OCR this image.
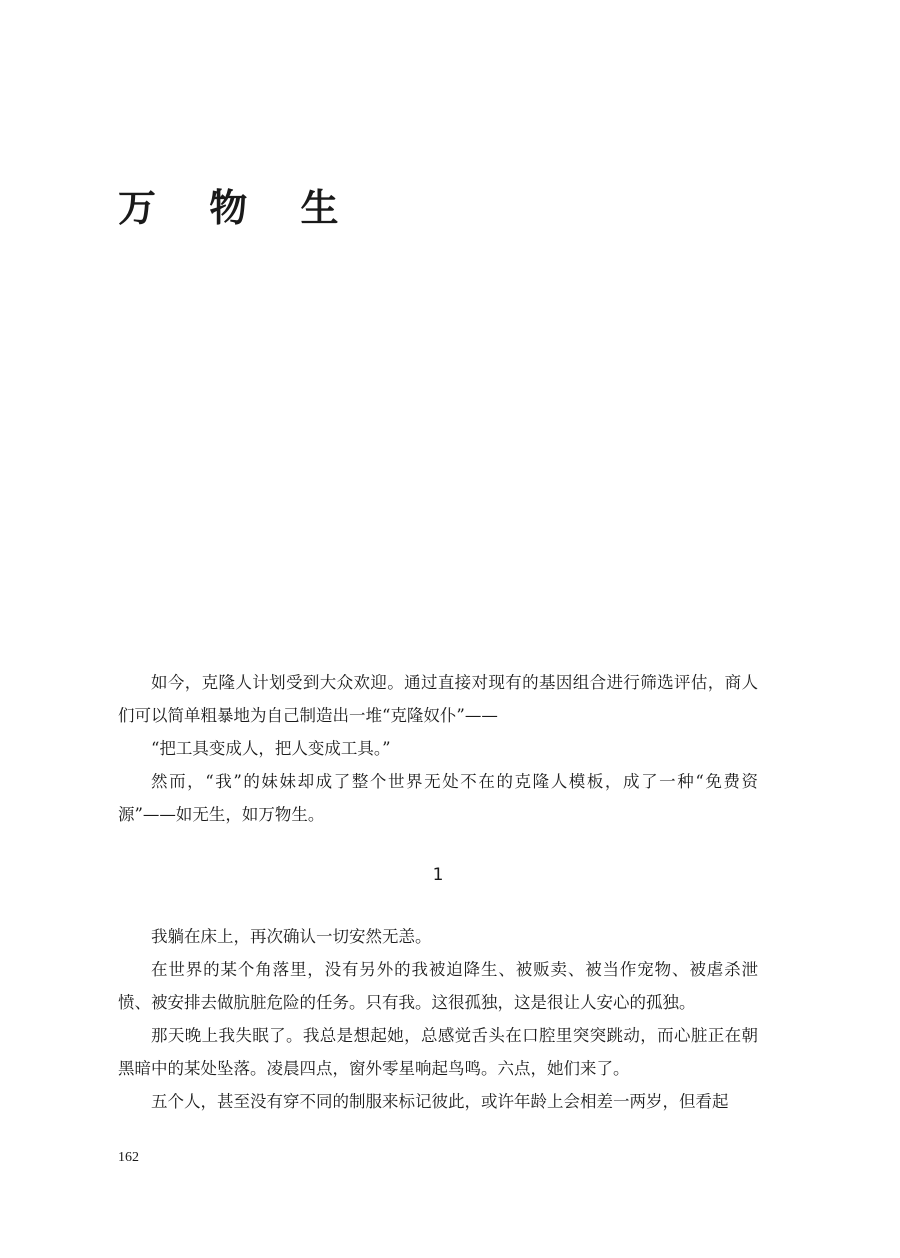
万 物 生

如今，克隆人计划受到大众欢迎。通过直接对现有的基因组合进行筛选评估，商人们可以简单粗暴地为自己制造出一堆“克隆奴仆”——

“把工具变成人，把人变成工具。”

然而，“我”的妹妹却成了整个世界无处不在的克隆人模板，成了一种“免费资源”——如无生，如万物生。

1

我躺在床上，再次确认一切安然无恙。

在世界的某个角落里，没有另外的我被迫降生、被贩卖、被当作宠物、被虐杀泄愤、被安排去做肮脏危险的任务。只有我。这很孤独，这是很让人安心的孤独。

那天晚上我失眠了。我总是想起她，总感觉舌头在口腔里突突跳动，而心脏正在朝黑暗中的某处坠落。凌晨四点，窗外零星响起鸟鸣。六点，她们来了。

五个人，甚至没有穿不同的制服来标记彼此，或许年龄上会相差一两岁，但看起

162
